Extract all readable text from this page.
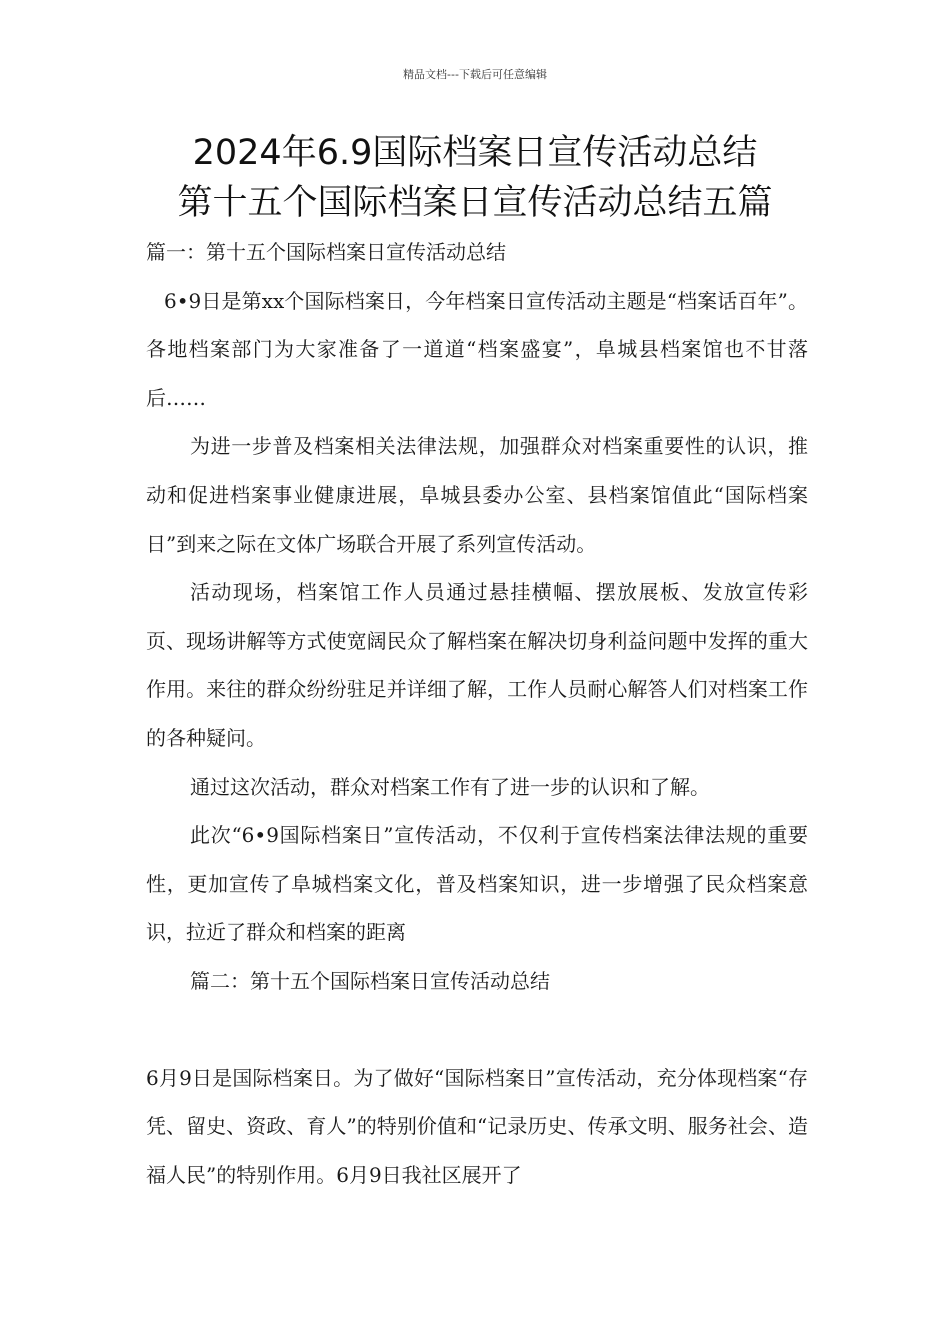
精品文档---下载后可任意编辑
2024年6.9国际档案日宣传活动总结
第十五个国际档案日宣传活动总结五篇

篇一：第十五个国际档案日宣传活动总结

6•9日是第xx个国际档案日，今年档案日宣传活动主题是“档案话百年”。各地档案部门为大家准备了一道道“档案盛宴”，阜城县档案馆也不甘落后……

为进一步普及档案相关法律法规，加强群众对档案重要性的认识，推动和促进档案事业健康进展，阜城县委办公室、县档案馆值此“国际档案日”到来之际在文体广场联合开展了系列宣传活动。

活动现场，档案馆工作人员通过悬挂横幅、摆放展板、发放宣传彩页、现场讲解等方式使宽阔民众了解档案在解决切身利益问题中发挥的重大作用。来往的群众纷纷驻足并详细了解，工作人员耐心解答人们对档案工作的各种疑问。

通过这次活动，群众对档案工作有了进一步的认识和了解。

此次“6•9国际档案日”宣传活动，不仅利于宣传档案法律法规的重要性，更加宣传了阜城档案文化，普及档案知识，进一步增强了民众档案意识，拉近了群众和档案的距离

篇二：第十五个国际档案日宣传活动总结

6月9日是国际档案日。为了做好“国际档案日”宣传活动，充分体现档案“存凭、留史、资政、育人”的特别价值和“记录历史、传承文明、服务社会、造福人民”的特别作用。6月9日我社区展开了
